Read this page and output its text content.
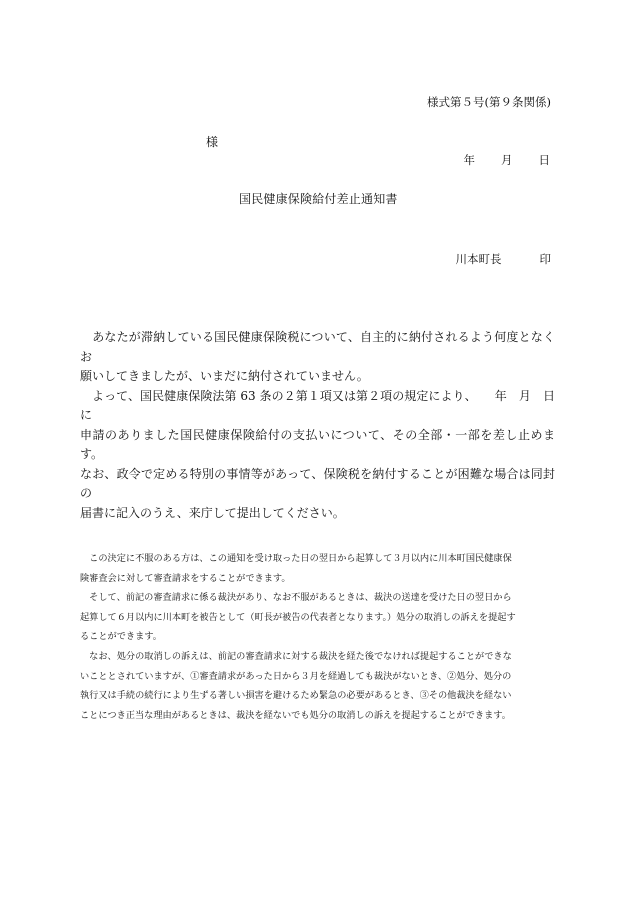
様式第５号(第９条関係)
様
年 月 日
国民健康保険給付差止通知書
川本町長	印

　あなたが滞納している国民健康保険税について、自主的に納付されるよう何度となくお

願いしてきましたが、いまだに納付されていません。

　よって、国民健康保険法第 63 条の２第１項又は第２項の規定により、　　年　月　日に

申請のありました国民健康保険給付の支払いについて、その全部・一部を差し止めます。

なお、政令で定める特別の事情等があって、保険税を納付することが困難な場合は同封の

届書に記入のうえ、来庁して提出してください。

　この決定に不服のある方は、この通知を受け取った日の翌日から起算して３月以内に川本町国民健康保

険審査会に対して審査請求をすることができます。

　そして、前記の審査請求に係る裁決があり、なお不服があるときは、裁決の送達を受けた日の翌日から

起算して６月以内に川本町を被告として（町長が被告の代表者となります。）処分の取消しの訴えを提起す

ることができます。

　なお、処分の取消しの訴えは、前記の審査請求に対する裁決を経た後でなければ提起することができな

いこととされていますが、①審査請求があった日から３月を経過しても裁決がないとき、②処分、処分の

執行又は手続の続行により生ずる著しい損害を避けるため緊急の必要があるとき、③その他裁決を経ない

ことにつき正当な理由があるときは、裁決を経ないでも処分の取消しの訴えを提起することができます。
